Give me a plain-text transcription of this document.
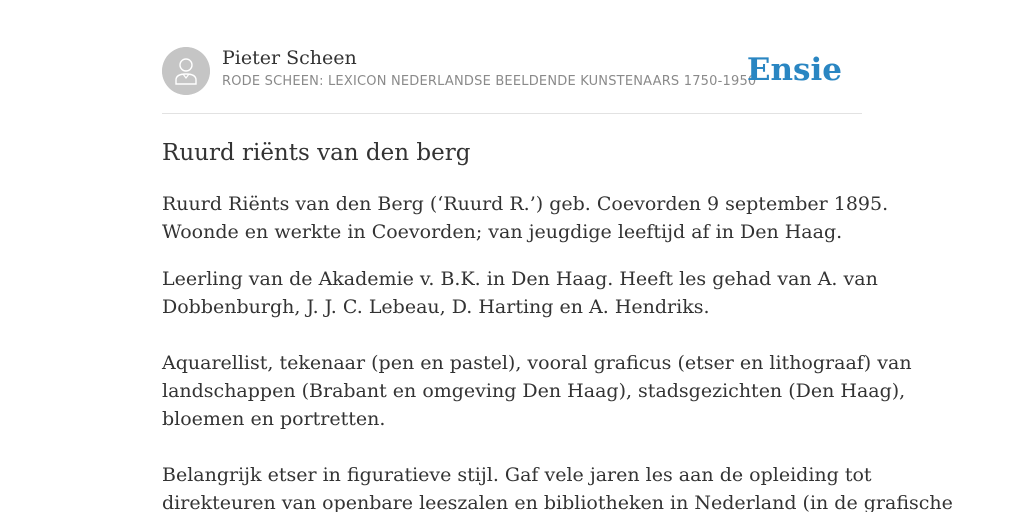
Pieter Scheen
RODE SCHEEN: LEXICON NEDERLANDSE BEELDENDE KUNSTENAARS 1750-1950
Ensie
Ruurd riënts van den berg

Ruurd Riënts van den Berg (‘Ruurd R.’) geb. Coevorden 9 september 1895.

Woonde en werkte in Coevorden; van jeugdige leeftijd af in Den Haag.

Leerling van de Akademie v. B.K. in Den Haag. Heeft les gehad van A. van

Dobbenburgh, J. J. C. Lebeau, D. Harting en A. Hendriks.

Aquarellist, tekenaar (pen en pastel), vooral graficus (etser en lithograaf) van

landschappen (Brabant en omgeving Den Haag), stadsgezichten (Den Haag),

bloemen en portretten.

Belangrijk etser in figuratieve stijl. Gaf vele jaren les aan de opleiding tot

direkteuren van openbare leeszalen en bibliotheken in Nederland (in de grafische
